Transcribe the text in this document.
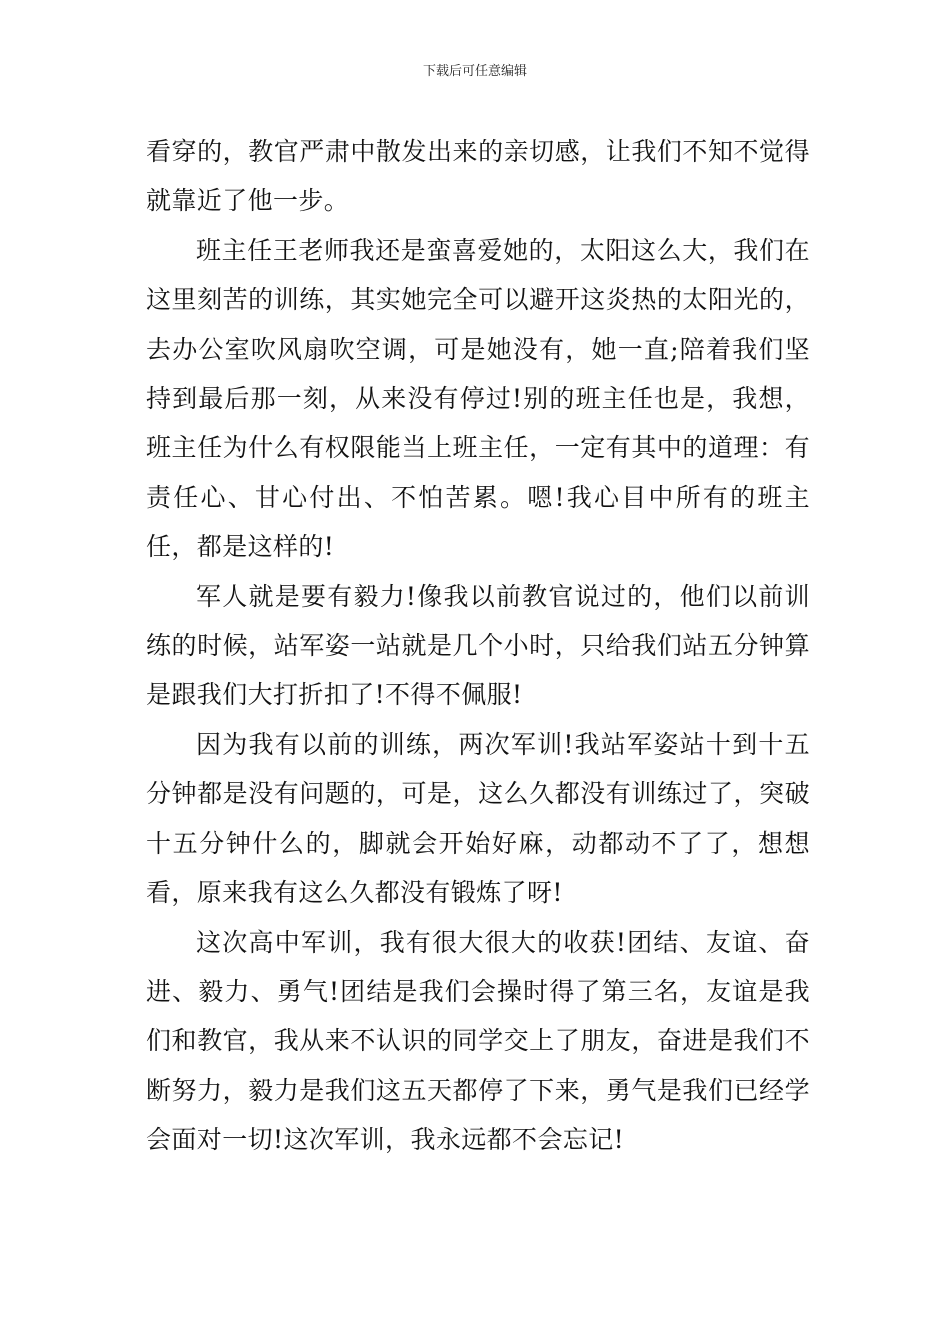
下载后可任意编辑

看穿的，教官严肃中散发出来的亲切感，让我们不知不觉得就靠近了他一步。

班主任王老师我还是蛮喜爱她的，太阳这么大，我们在这里刻苦的训练，其实她完全可以避开这炎热的太阳光的，去办公室吹风扇吹空调，可是她没有，她一直;陪着我们坚持到最后那一刻，从来没有停过!别的班主任也是，我想，班主任为什么有权限能当上班主任，一定有其中的道理：有责任心、甘心付出、不怕苦累。嗯!我心目中所有的班主任，都是这样的!

军人就是要有毅力!像我以前教官说过的，他们以前训练的时候，站军姿一站就是几个小时，只给我们站五分钟算是跟我们大打折扣了!不得不佩服!

因为我有以前的训练，两次军训!我站军姿站十到十五分钟都是没有问题的，可是，这么久都没有训练过了，突破十五分钟什么的，脚就会开始好麻，动都动不了了，想想看，原来我有这么久都没有锻炼了呀!

这次高中军训，我有很大很大的收获!团结、友谊、奋进、毅力、勇气!团结是我们会操时得了第三名，友谊是我们和教官，我从来不认识的同学交上了朋友，奋进是我们不断努力，毅力是我们这五天都停了下来，勇气是我们已经学会面对一切!这次军训，我永远都不会忘记!
